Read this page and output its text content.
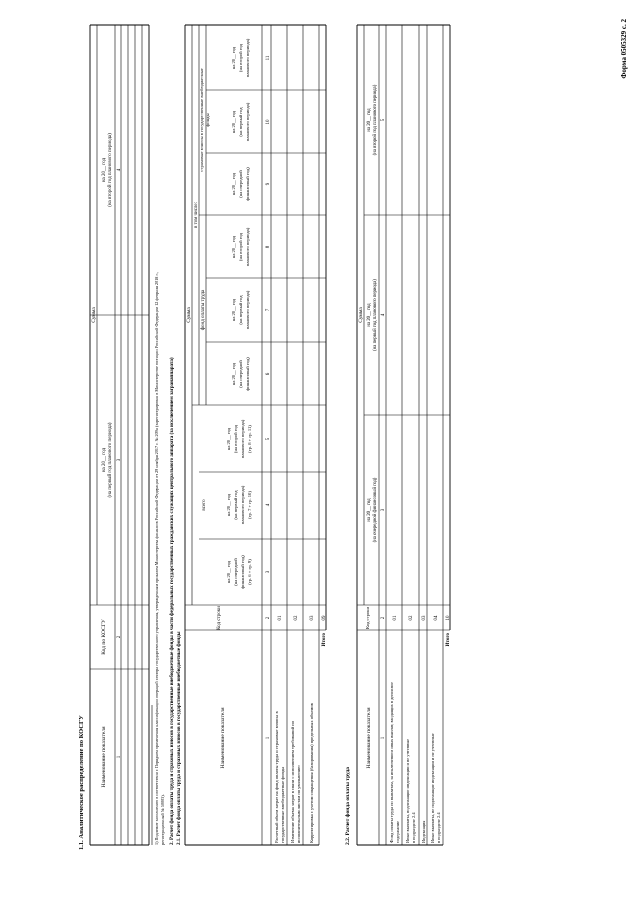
Форма 0505329 с. 2
1.1. Аналитическое распределение по КОСГУ	Наименование показателя
Код по КОСГУ
Сумма
на 20__ год (на первый год планового периода)
на 20__ год (на второй год планового периода)
1
2
3
4
1) Подлежит заполнению в соответствии с Порядком применения классификации операций сектора государственного управления, утвержденным приказом Министерства финансов Российской Федерации от 29 ноября 2017 г. № 209н (зарегистрирован в Министерстве юстиции Российской Федерации 12 февраля 2018 г., регистрационный № 50003). 2. Расчет фонда оплаты труда и страховых взносов в государственные внебюджетные фонды в части федеральных государственных гражданских служащих центрального аппарата (за исключением загранаппарата) 2.1. Расчет фонда оплаты труда и страховых взносов в государственные внебюджетные фонды	Наименование показателя
Код строки
Сумма
всего
в том числе:
фонд оплаты труда
страховые взносы в государственные внебюджетные фонды
на 20__ год (на очередной финансовый год) (гр. 6 + гр. 9)
на 20__ год (на первый год планового периода) (гр. 7 + гр. 10)
на 20__ год (на второй год планового периода) (гр. 8 + гр. 11)
на 20__ год (на очередной финансовый год)
на 20__ год (на первый год планового периода)
на 20__ год (на второй год планового периода)
на 20__ год (на очередной финансовый год)
на 20__ год (на первый год планового периода)
на 20__ год (на второй год планового периода)
1
2
3
4
5
6
7
8
9
10
11
Расчетный объем затрат на фонд оплаты труда и страховые взносы в государственные внебюджетные фонды
01
Изменение объема затрат в связи с исполнением требований по исполнительным листам по увольнению
02
Корректировка с учетом сокращения (базирования) предельных объемов
03
Итого
09
2.2. Расчет фонда оплаты труда
Наименование показателя
Код строки
Сумма
на 20__ год (на очередной финансовый год)
на 20__ год (на первый год планового периода)
на 20__ год (на второй год планового периода)
1
2
3
4
5
Фонд оплаты труда по выплатам, за исключением иных выплат, входящих в денежное содержание
01
Иные выплаты, подлежащие индексации и не учтенные в подразделе 2.4
02
Индексация
03
Иные выплаты, не подлежащие индексации и не учтенные в подразделе 2.4
04
Итого
10
